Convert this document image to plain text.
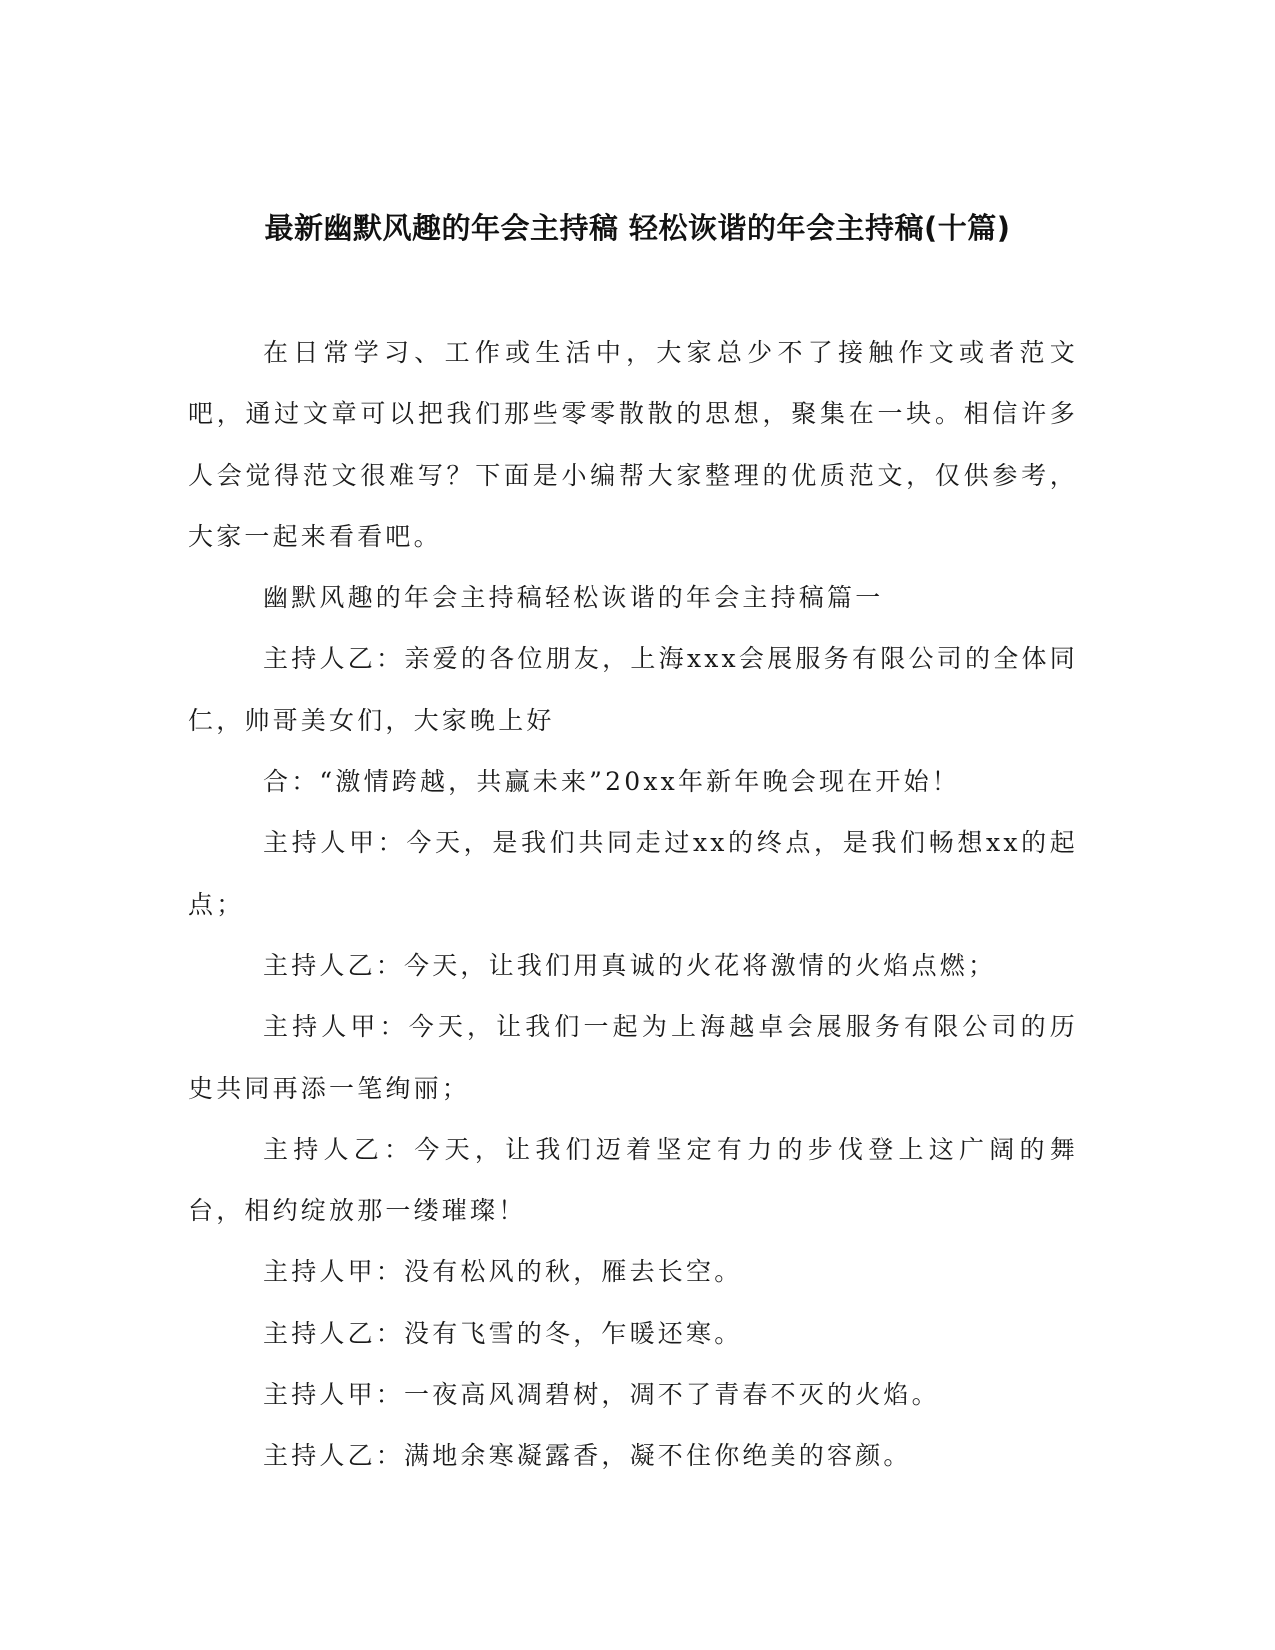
最新幽默风趣的年会主持稿 轻松诙谐的年会主持稿(十篇)

在日常学习、工作或生活中，大家总少不了接触作文或者范文吧，通过文章可以把我们那些零零散散的思想，聚集在一块。相信许多人会觉得范文很难写？下面是小编帮大家整理的优质范文，仅供参考，大家一起来看看吧。

幽默风趣的年会主持稿轻松诙谐的年会主持稿篇一

主持人乙：亲爱的各位朋友，上海xxx会展服务有限公司的全体同仁，帅哥美女们，大家晚上好

合：“激情跨越，共赢未来”20xx年新年晚会现在开始！

主持人甲：今天，是我们共同走过xx的终点，是我们畅想xx的起点；

主持人乙：今天，让我们用真诚的火花将激情的火焰点燃；

主持人甲：今天，让我们一起为上海越卓会展服务有限公司的历史共同再添一笔绚丽；

主持人乙：今天，让我们迈着坚定有力的步伐登上这广阔的舞台，相约绽放那一缕璀璨！

主持人甲：没有松风的秋，雁去长空。

主持人乙：没有飞雪的冬，乍暖还寒。

主持人甲：一夜高风凋碧树，凋不了青春不灭的火焰。

主持人乙：满地余寒凝露香，凝不住你绝美的容颜。
